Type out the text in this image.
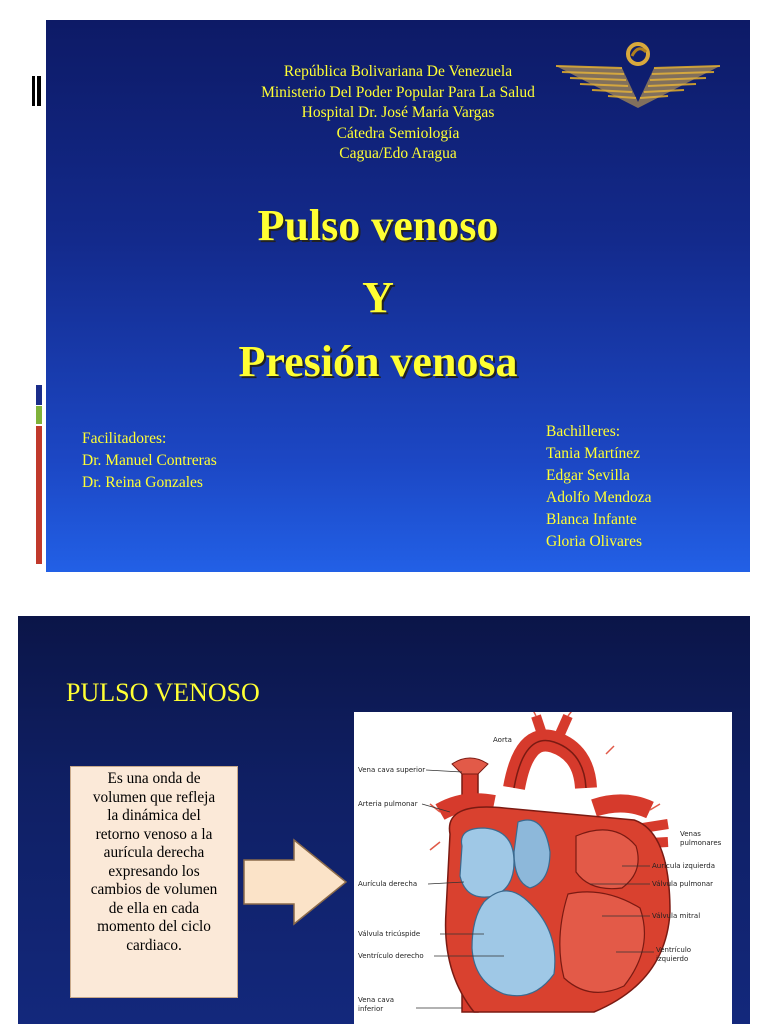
República Bolivariana De Venezuela
Ministerio Del Poder Popular Para La Salud
Hospital Dr. José María Vargas
Cátedra Semiología
Cagua/Edo Aragua
Pulso venoso
Y
Presión venosa
Facilitadores:
Dr. Manuel Contreras
Dr. Reina Gonzales
Bachilleres:
Tania Martínez
Edgar Sevilla
Adolfo Mendoza
Blanca Infante
Gloria Olivares
PULSO VENOSO
Es una onda de
volumen que refleja
la dinámica del
retorno venoso a la
aurícula derecha
expresando los
cambios de volumen
de ella en cada
momento del ciclo
cardiaco.
Aorta
Vena cava superior
Arteria pulmonar
Venas
pulmonares
Aurícula izquierda
Válvula pulmonar
Aurícula derecha
Válvula mitral
Válvula tricúspide
Ventrículo
izquierdo
Ventrículo derecho
Vena cava
inferior
